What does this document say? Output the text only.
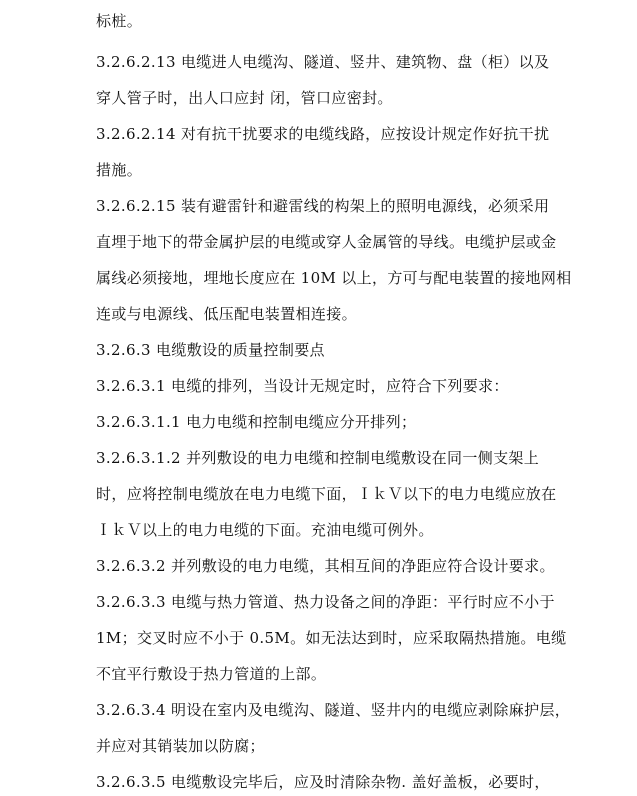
标桩。
3.2.6.2.13 电缆进人电缆沟、隧道、竖井、建筑物、盘（柜）以及
穿人管子时，出人口应封 闭，管口应密封。
3.2.6.2.14 对有抗干扰要求的电缆线路，应按设计规定作好抗干扰
措施。
3.2.6.2.15 装有避雷针和避雷线的构架上的照明电源线，必须采用
直埋于地下的带金属护层的电缆或穿人金属管的导线。电缆护层或金
属线必须接地，埋地长度应在 10M 以上，方可与配电装置的接地网相
连或与电源线、低压配电装置相连接。
3.2.6.3 电缆敷设的质量控制要点
3.2.6.3.1 电缆的排列，当设计无规定时，应符合下列要求：
3.2.6.3.1.1 电力电缆和控制电缆应分开排列；
3.2.6.3.1.2 并列敷设的电力电缆和控制电缆敷设在同一侧支架上
时，应将控制电缆放在电力电缆下面，ＩｋＶ以下的电力电缆应放在
ＩｋＶ以上的电力电缆的下面。充油电缆可例外。
3.2.6.3.2 并列敷设的电力电缆，其相互间的净距应符合设计要求。
3.2.6.3.3 电缆与热力管道、热力设备之间的净距：平行时应不小于
1M；交叉时应不小于 0.5M。如无法达到时，应采取隔热措施。电缆
不宜平行敷设于热力管道的上部。
3.2.6.3.4 明设在室内及电缆沟、隧道、竖井内的电缆应剥除麻护层，
并应对其销装加以防腐；
3.2.6.3.5 电缆敷设完毕后，应及时清除杂物. 盖好盖板，必要时，
